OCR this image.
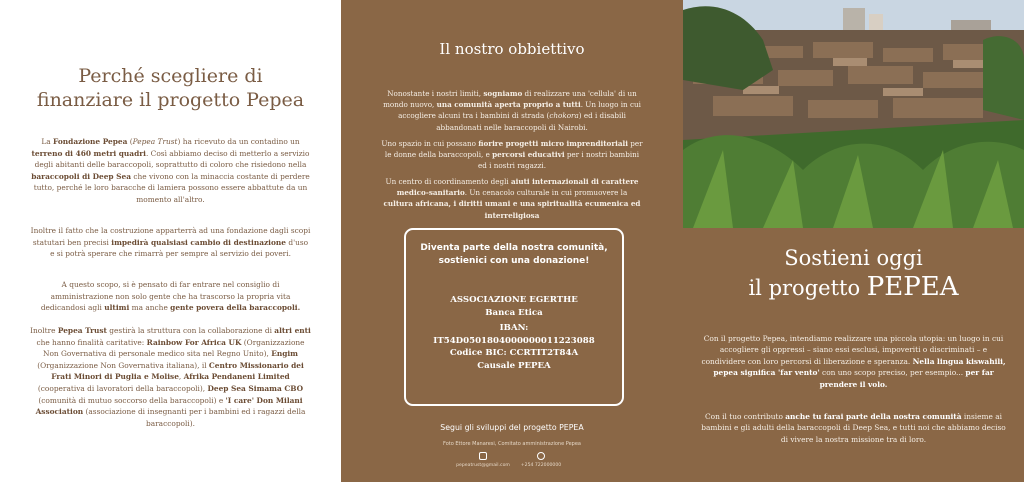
Perché scegliere di
finanziare il progetto Pepea

La Fondazione Pepea (Pepea Trust) ha ricevuto da un contadino un terreno di 460 metri quadri. Così abbiamo deciso di metterlo a servizio degli abitanti delle baraccopoli, soprattutto di coloro che risiedono nella baraccopoli di Deep Sea che vivono con la minaccia costante di perdere tutto, perché le loro baracche di lamiera possono essere abbattute da un momento all'altro.

Inoltre il fatto che la costruzione apparterrà ad una fondazione dagli scopi statutari ben precisi impedirà qualsiasi cambio di destinazione d'uso e si potrà sperare che rimarrà per sempre al servizio dei poveri.

A questo scopo, si è pensato di far entrare nel consiglio di amministrazione non solo gente che ha trascorso la propria vita dedicandosi agli ultimi ma anche gente povera della baraccopoli.

Inoltre Pepea Trust gestirà la struttura con la collaborazione di altri enti che hanno finalità caritative: Rainbow For Africa UK (Organizzazione Non Governativa di personale medico sita nel Regno Unito), Engim (Organizzazione Non Governativa italiana), il Centro Missionario dei Frati Minori di Puglia e Molise, Afrika Pendaneni Limited (cooperativa di lavoratori della baraccopoli), Deep Sea Simama CBO (comunità di mutuo soccorso della baraccopoli) e 'I care' Don Milani Association (associazione di insegnanti per i bambini ed i ragazzi della baraccopoli).

Il nostro obbiettivo

Nonostante i nostri limiti, sogniamo di realizzare una 'cellula' di un mondo nuovo, una comunità aperta proprio a tutti. Un luogo in cui accogliere alcuni tra i bambini di strada (chokora) ed i disabili abbandonati nelle baraccopoli di Nairobi.

Uno spazio in cui possano fiorire progetti micro imprenditoriali per le donne della baraccopoli, e percorsi educativi per i nostri bambini ed i nostri ragazzi.

Un centro di coordinamento degli aiuti internazionali di carattere medico-sanitario. Un cenacolo culturale in cui promuovere la cultura africana, i diritti umani e una spiritualità ecumenica ed interreligiosa

Diventa parte della nostra comunità, sostienici con una donazione!
ASSOCIAZIONE EGERTHE
Banca Etica
IBAN:
IT54D0501804000000011223088
Codice BIC: CCRTIT2T84A
Causale PEPEA
Segui gli sviluppi del progetto PEPEA
Foto Ettore Manaresi, Comitato amministrazione Pepea
pepeatrust@gmail.com	+254 722000000
Sostieni oggi
il progetto PEPEA

Con il progetto Pepea, intendiamo realizzare una piccola utopia: un luogo in cui accogliere gli oppressi – siano essi esclusi, impoveriti o discriminati – e condividere con loro percorsi di liberazione e speranza. Nella lingua kiswahili, pepea significa 'far vento' con uno scopo preciso, per esempio... per far prendere il volo.

Con il tuo contributo anche tu farai parte della nostra comunità insieme ai bambini e gli adulti della baraccopoli di Deep Sea, e tutti noi che abbiamo deciso di vivere la nostra missione tra di loro.
